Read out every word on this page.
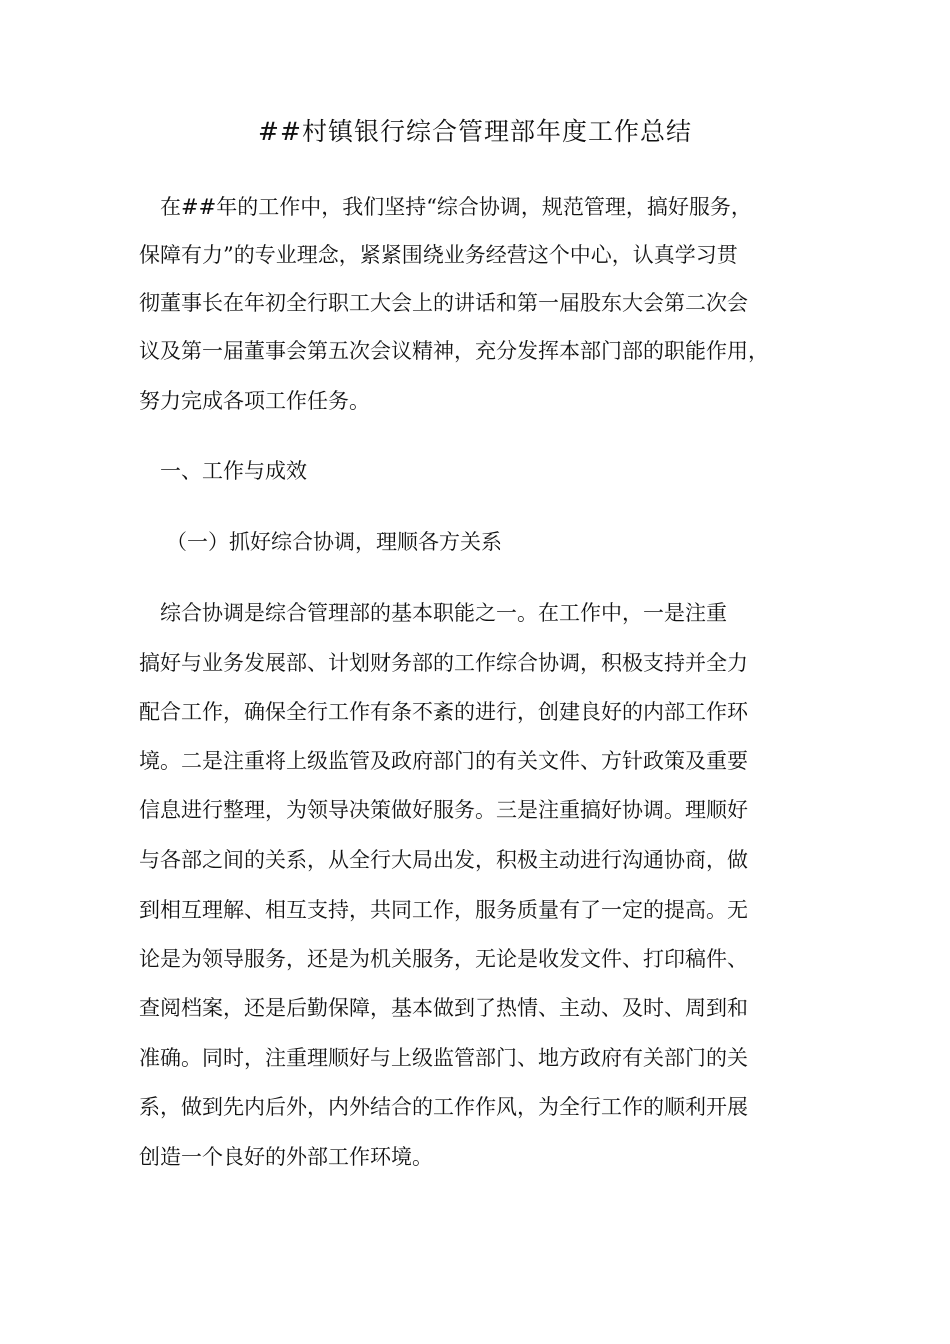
##村镇银行综合管理部年度工作总结
　在##年的工作中，我们坚持“综合协调，规范管理，搞好服务，
保障有力”的专业理念，紧紧围绕业务经营这个中心，认真学习贯
彻董事长在年初全行职工大会上的讲话和第一届股东大会第二次会
议及第一届董事会第五次会议精神，充分发挥本部门部的职能作用，
努力完成各项工作任务。
　一、工作与成效
（一）抓好综合协调，理顺各方关系
　综合协调是综合管理部的基本职能之一。在工作中，一是注重
搞好与业务发展部、计划财务部的工作综合协调，积极支持并全力
配合工作，确保全行工作有条不紊的进行，创建良好的内部工作环
境。二是注重将上级监管及政府部门的有关文件、方针政策及重要
信息进行整理，为领导决策做好服务。三是注重搞好协调。理顺好
与各部之间的关系，从全行大局出发，积极主动进行沟通协商，做
到相互理解、相互支持，共同工作，服务质量有了一定的提高。无
论是为领导服务，还是为机关服务，无论是收发文件、打印稿件、
查阅档案，还是后勤保障，基本做到了热情、主动、及时、周到和
准确。同时，注重理顺好与上级监管部门、地方政府有关部门的关
系，做到先内后外，内外结合的工作作风，为全行工作的顺利开展
创造一个良好的外部工作环境。
